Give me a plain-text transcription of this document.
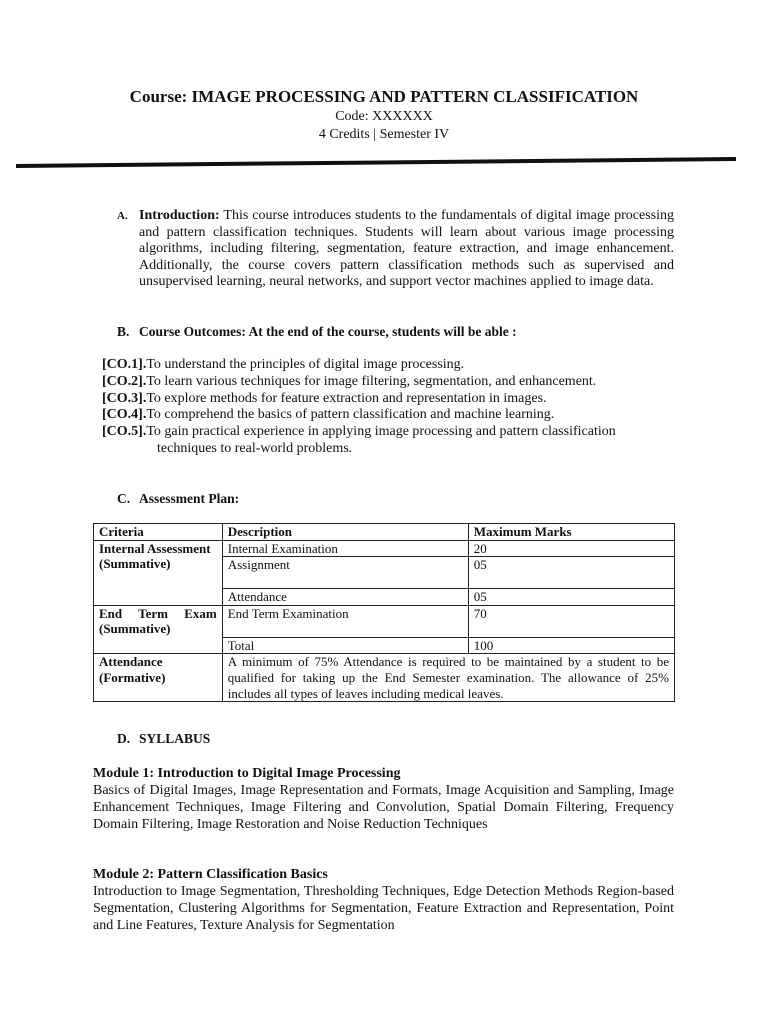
Course: IMAGE PROCESSING AND PATTERN CLASSIFICATION

Code: XXXXXX

4 Credits | Semester IV

A. Introduction: This course introduces students to the fundamentals of digital image processing and pattern classification techniques. Students will learn about various image processing algorithms, including filtering, segmentation, feature extraction, and image enhancement. Additionally, the course covers pattern classification methods such as supervised and unsupervised learning, neural networks, and support vector machines applied to image data.
B. Course Outcomes: At the end of the course, students will be able :

[CO.1].To understand the principles of digital image processing.

[CO.2].To learn various techniques for image filtering, segmentation, and enhancement.

[CO.3].To explore methods for feature extraction and representation in images.

[CO.4].To comprehend the basics of pattern classification and machine learning.

[CO.5].To gain practical experience in applying image processing and pattern classification
techniques to real-world problems.

C. Assessment Plan:
Criteria	Description	Maximum Marks
Internal Assessment (Summative)	Internal Examination	20
	Assignment	05
	Attendance	05
End Term Exam (Summative)	End Term Examination	70
	Total	100
Attendance (Formative)	A minimum of 75% Attendance is required to be maintained by a student to be qualified for taking up the End Semester examination. The allowance of 25% includes all types of leaves including medical leaves.	
D. SYLLABUS

Module 1: Introduction to Digital Image Processing

Basics of Digital Images, Image Representation and Formats, Image Acquisition and Sampling, Image Enhancement Techniques, Image Filtering and Convolution, Spatial Domain Filtering, Frequency Domain Filtering, Image Restoration and Noise Reduction Techniques

Module 2: Pattern Classification Basics

Introduction to Image Segmentation, Thresholding Techniques, Edge Detection Methods Region-based Segmentation, Clustering Algorithms for Segmentation, Feature Extraction and Representation, Point and Line Features, Texture Analysis for Segmentation
